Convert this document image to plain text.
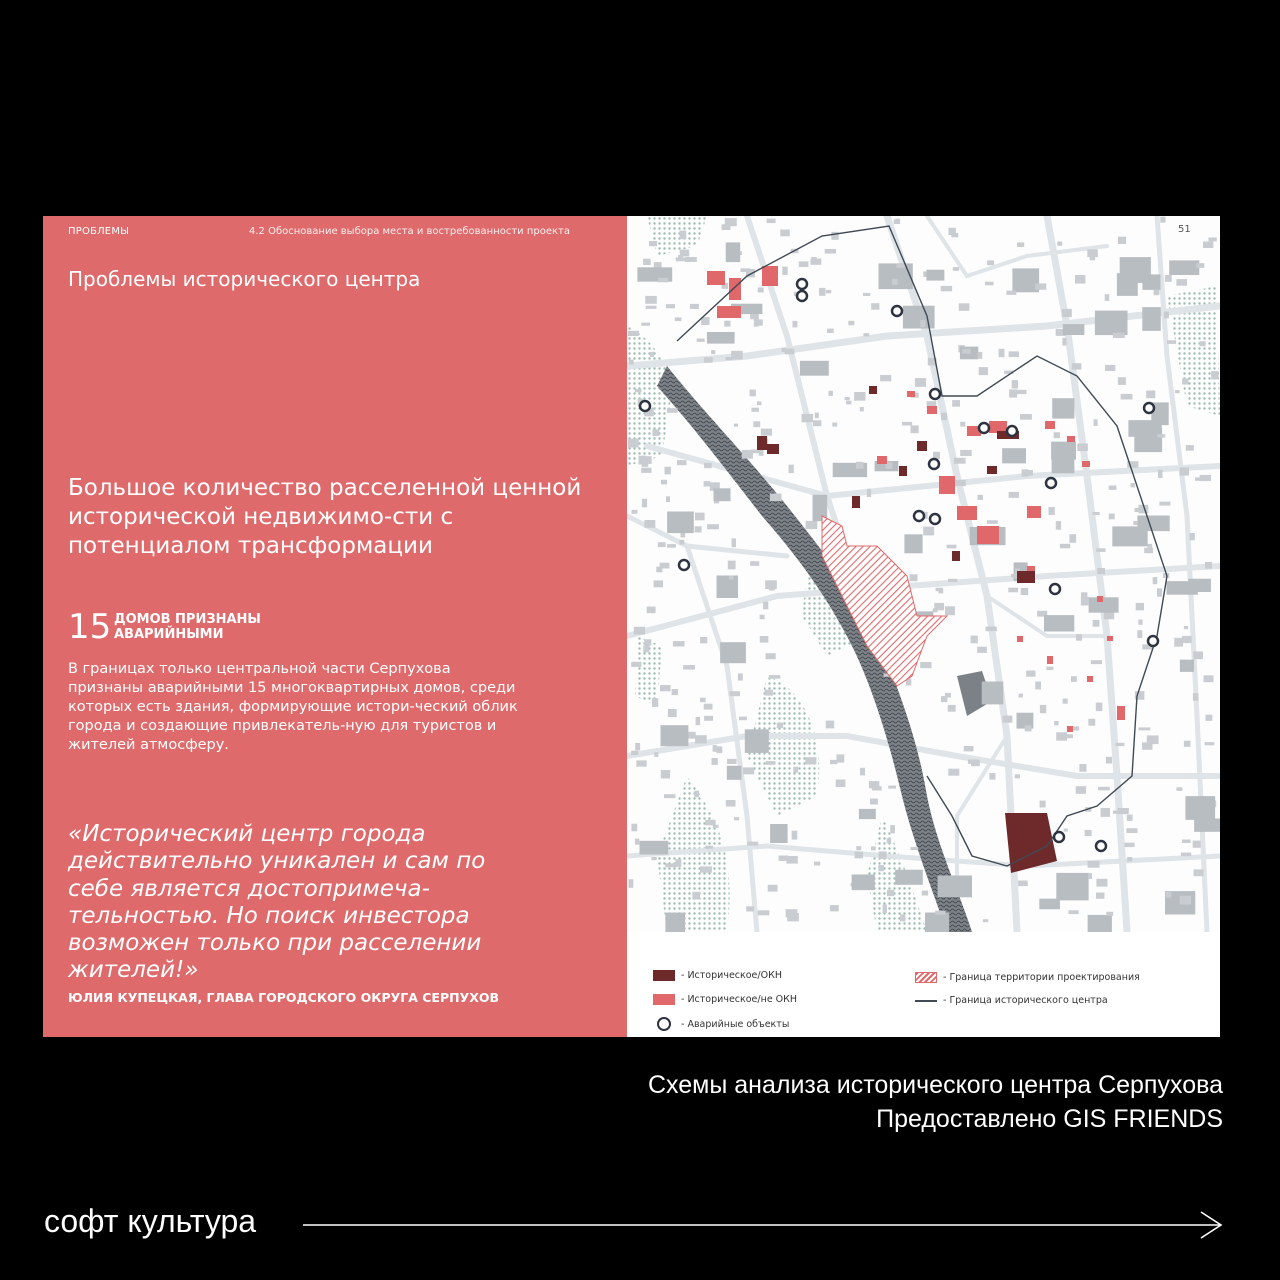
ПРОБЛЕМЫ	4.2 Обоснование выбора места и востребованности проекта
Проблемы исторического центра
Большое количество расселенной ценной исторической недвижимо-сти с потенциалом трансформации
15 ДОМОВ ПРИЗНАНЫ АВАРИЙНЫМИ
В границах только центральной части Серпухова признаны аварийными 15 многоквартирных домов, среди которых есть здания, формирующие истори-ческий облик города и создающие привлекатель-ную для туристов и жителей атмосферу.
«Исторический центр города действительно уникален и сам по себе является достопримеча-тельностью. Но поиск инвестора возможен только при расселении жителей!»
ЮЛИЯ КУПЕЦКАЯ, ГЛАВА ГОРОДСКОГО ОКРУГА СЕРПУХОВ
51
- Историческое/ОКН
- Историческое/не ОКН
- Аварийные объекты
- Граница территории проектирования
- Граница исторического центра
Схемы анализа исторического центра Серпухова
Предоставлено GIS FRIENDS
софт культура
